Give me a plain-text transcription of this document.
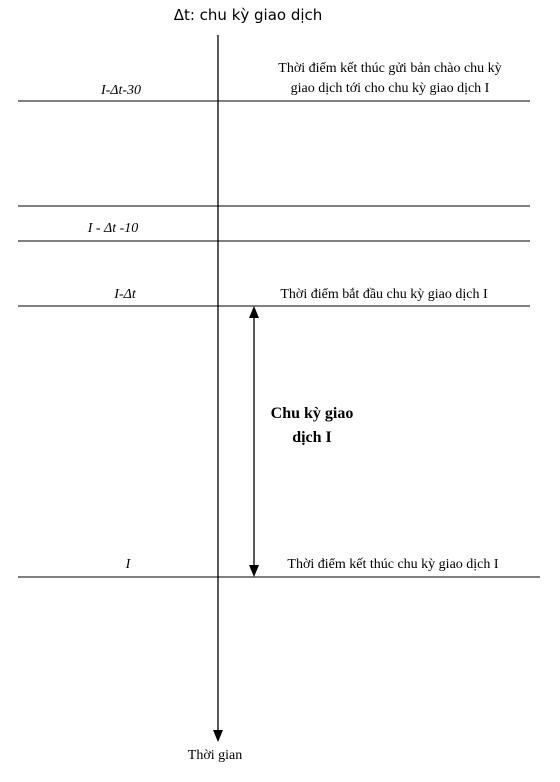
Δt: chu kỳ giao dịch
Thời gian
I-Δt-30
I - Δt -10
I-Δt
I
Thời điểm kết thúc gửi bản chào chu kỳ
giao dịch tới cho chu kỳ giao dịch I
Thời điểm bắt đầu chu kỳ giao dịch I
Thời điểm kết thúc chu kỳ giao dịch I
Chu kỳ giao
dịch I
